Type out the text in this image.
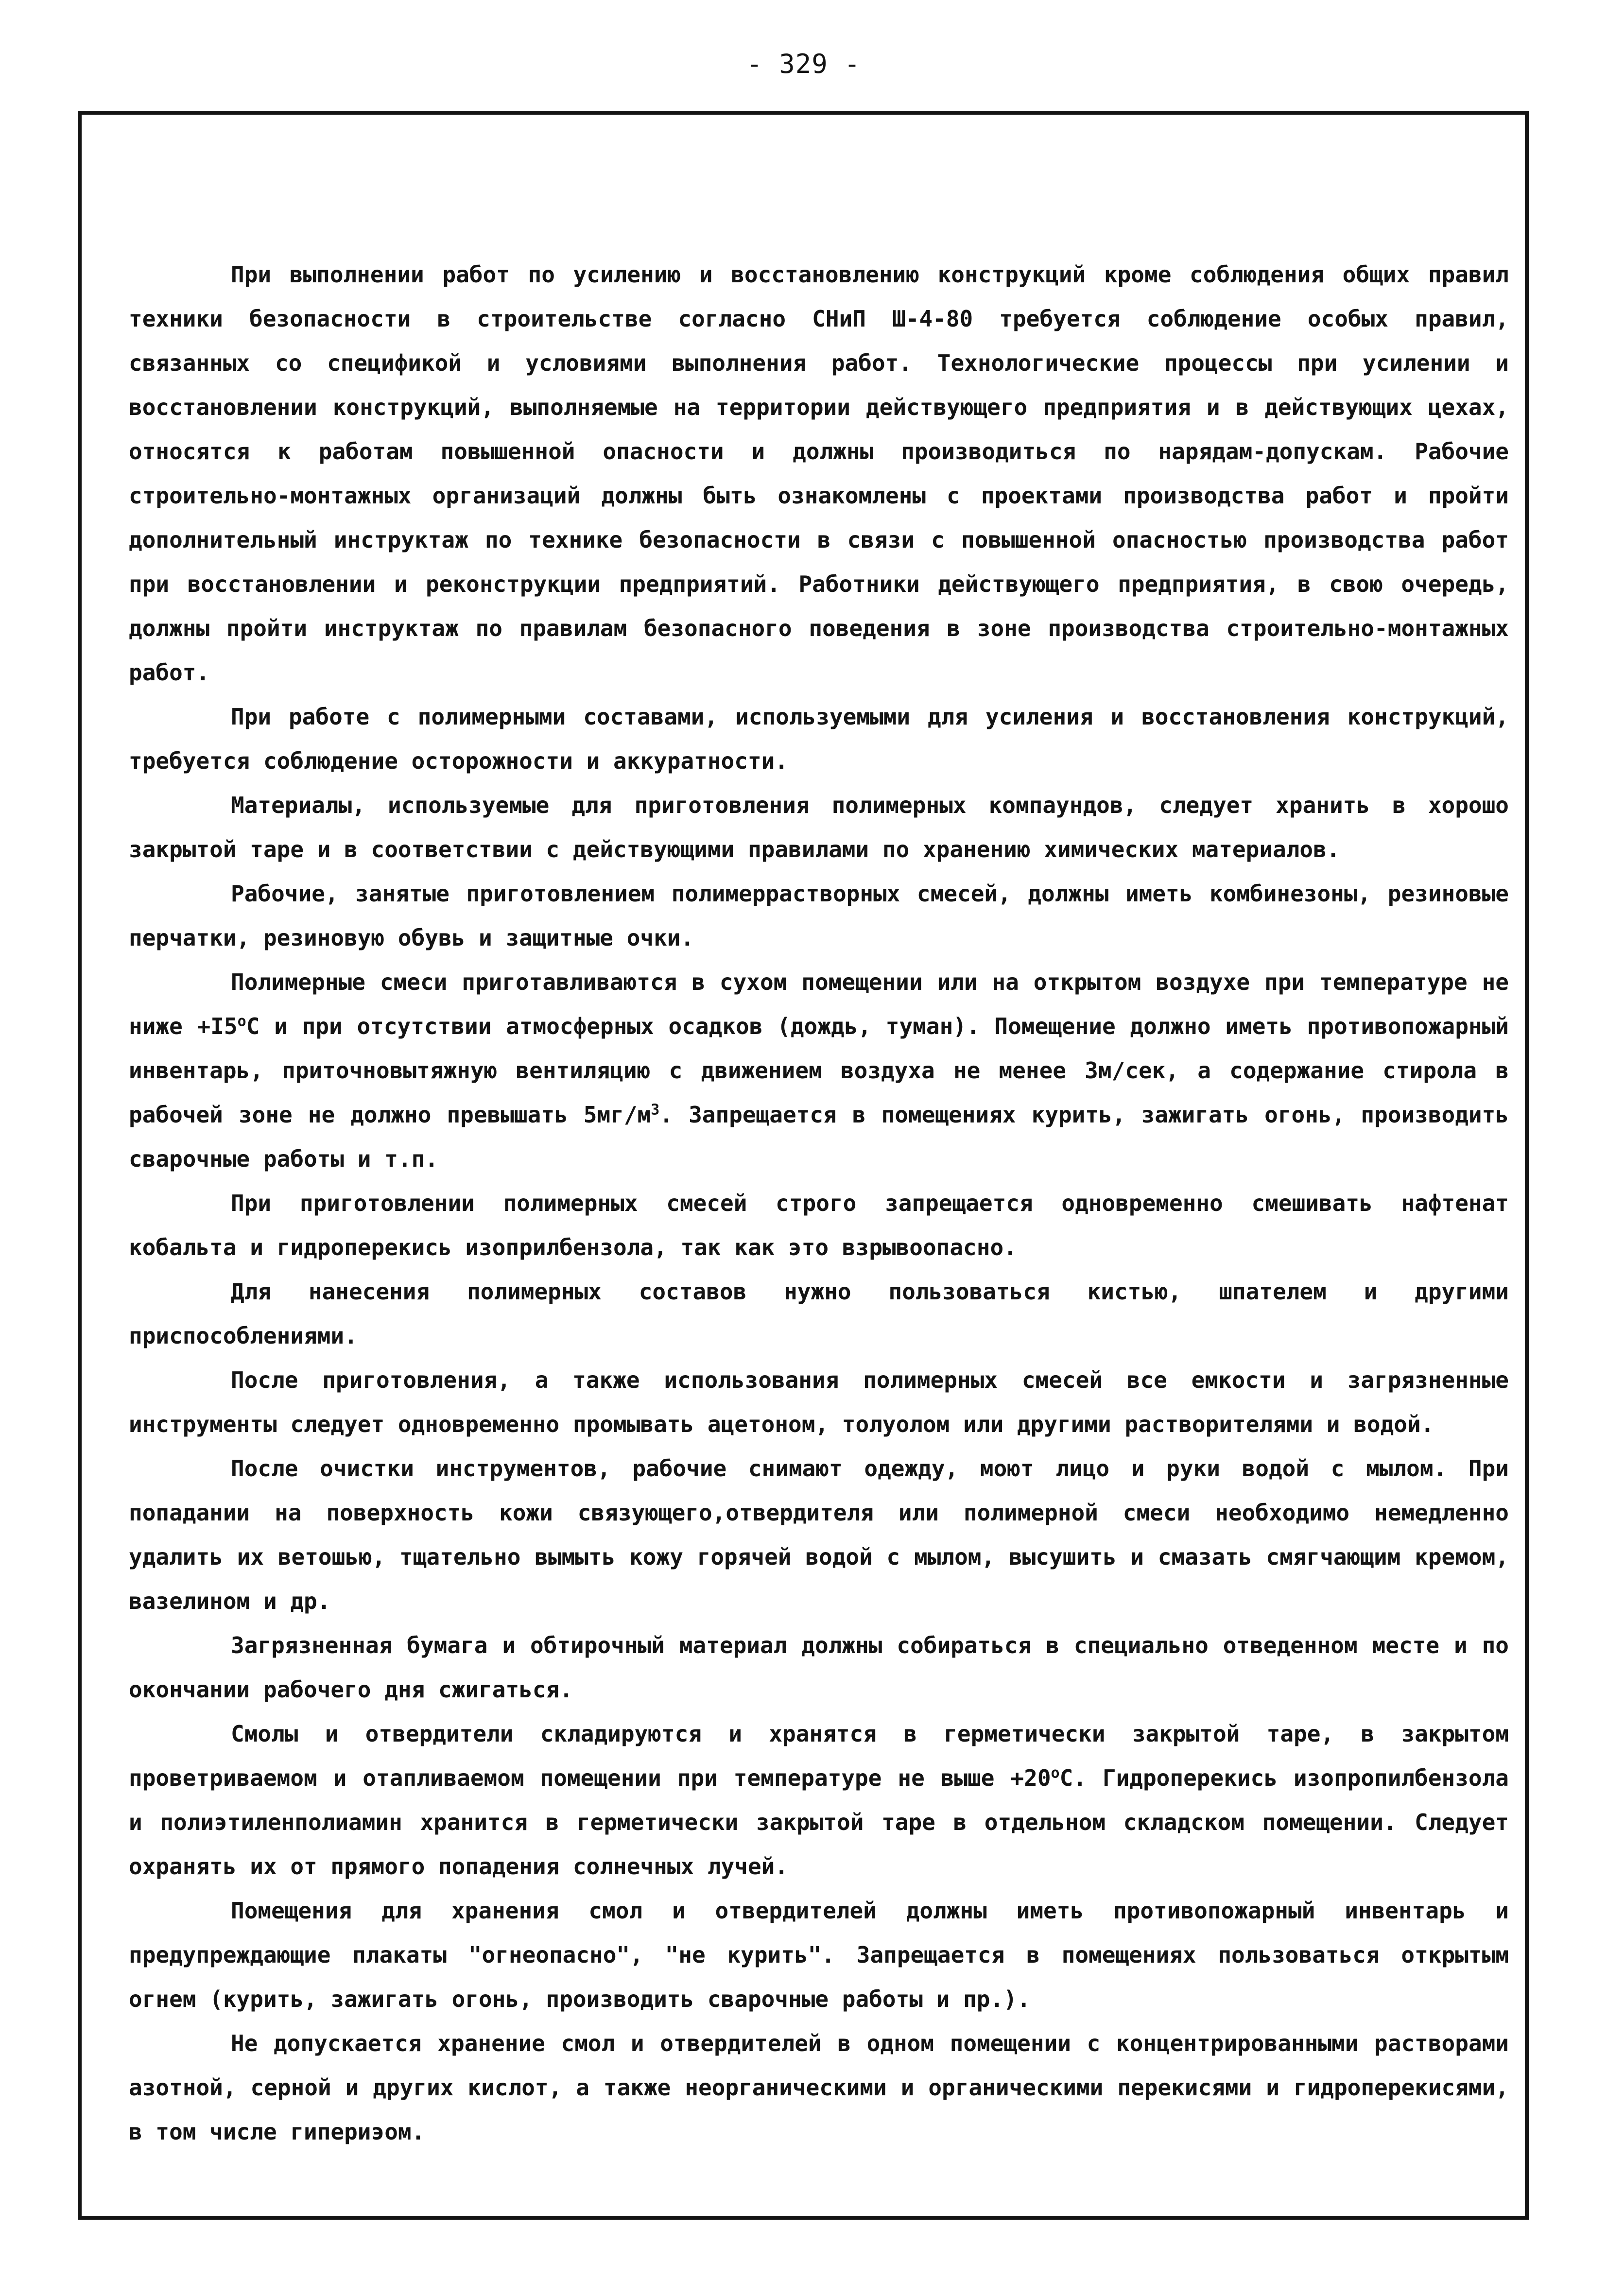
- 329 -

При выполнении работ по усилению и восстановлению конструкций кроме соблюдения общих правил техники безопасности в строительстве согласно СНиП Ш-4-80 требуется соблюдение особых правил, связанных со спецификой и условиями выполнения работ. Технологические процессы при усилении и восстановлении конструкций, выполняемые на территории действующего предприятия и в действующих цехах, относятся к работам повышенной опасности и должны производиться по нарядам-допускам. Рабочие строительно-монтажных организаций должны быть ознакомлены с проектами производства работ и пройти дополнительный инструктаж по технике безопасности в связи с повышенной опасностью производства работ при восстановлении и реконструкции предприятий. Работники действующего предприятия, в свою очередь, должны пройти инструктаж по правилам безопасного поведения в зоне производства строительно-монтажных работ.

При работе с полимерными составами, используемыми для усиления и восстановления конструкций, требуется соблюдение осторожности и аккуратности.

Материалы, используемые для приготовления полимерных компаундов, следует хранить в хорошо закрытой таре и в соответствии с действующими правилами по хранению химических материалов.

Рабочие, занятые приготовлением полимеррастворных смесей, должны иметь комбинезоны, резиновые перчатки, резиновую обувь и защитные очки.

Полимерные смеси приготавливаются в сухом помещении или на открытом воздухе при температуре не ниже $+I5^оС$ и при отсутствии атмосферных осадков (дождь, туман). Помещение должно иметь противопожарный инвентарь, приточновытяжную вентиляцию с движением воздуха не менее 3м/сек, а содержание стирола в рабочей зоне не должно превышать $5мг/м^3$. Запрещается в помещениях курить, зажигать огонь, производить сварочные работы и т.п.

При приготовлении полимерных смесей строго запрещается одновременно смешивать нафтенат кобальта и гидроперекись изоприлбензола, так как это взрывоопасно.

Для нанесения полимерных составов нужно пользоваться кистью, шпателем и другими приспособлениями.

После приготовления, а также использования полимерных смесей все емкости и загрязненные инструменты следует одновременно промывать ацетоном, толуолом или другими растворителями и водой.

После очистки инструментов, рабочие снимают одежду, моют лицо и руки водой с мылом. При попадании на поверхность кожи связующего,отвердителя или полимерной смеси необходимо немедленно удалить их ветошью, тщательно вымыть кожу горячей водой с мылом, высушить и смазать смягчающим кремом, вазелином и др.

Загрязненная бумага и обтирочный материал должны собираться в специально отведенном месте и по окончании рабочего дня сжигаться.

Смолы и отвердители складируются и хранятся в герметически закрытой таре, в закрытом проветриваемом и отапливаемом помещении при температуре не выше $+20^оС$. Гидроперекись изопропилбензола и полиэтиленполиамин хранится в герметически закрытой таре в отдельном складском помещении. Следует охранять их от прямого попадения солнечных лучей.

Помещения для хранения смол и отвердителей должны иметь противопожарный инвентарь и предупреждающие плакаты "огнеопасно", "не курить". Запрещается в помещениях пользоваться открытым огнем (курить, зажигать огонь, производить сварочные работы и пр.).

Не допускается хранение смол и отвердителей в одном помещении с концентрированными растворами азотной, серной и других кислот, а также неорганическими и органическими перекисями и гидроперекисями, в том числе гипериэом.
